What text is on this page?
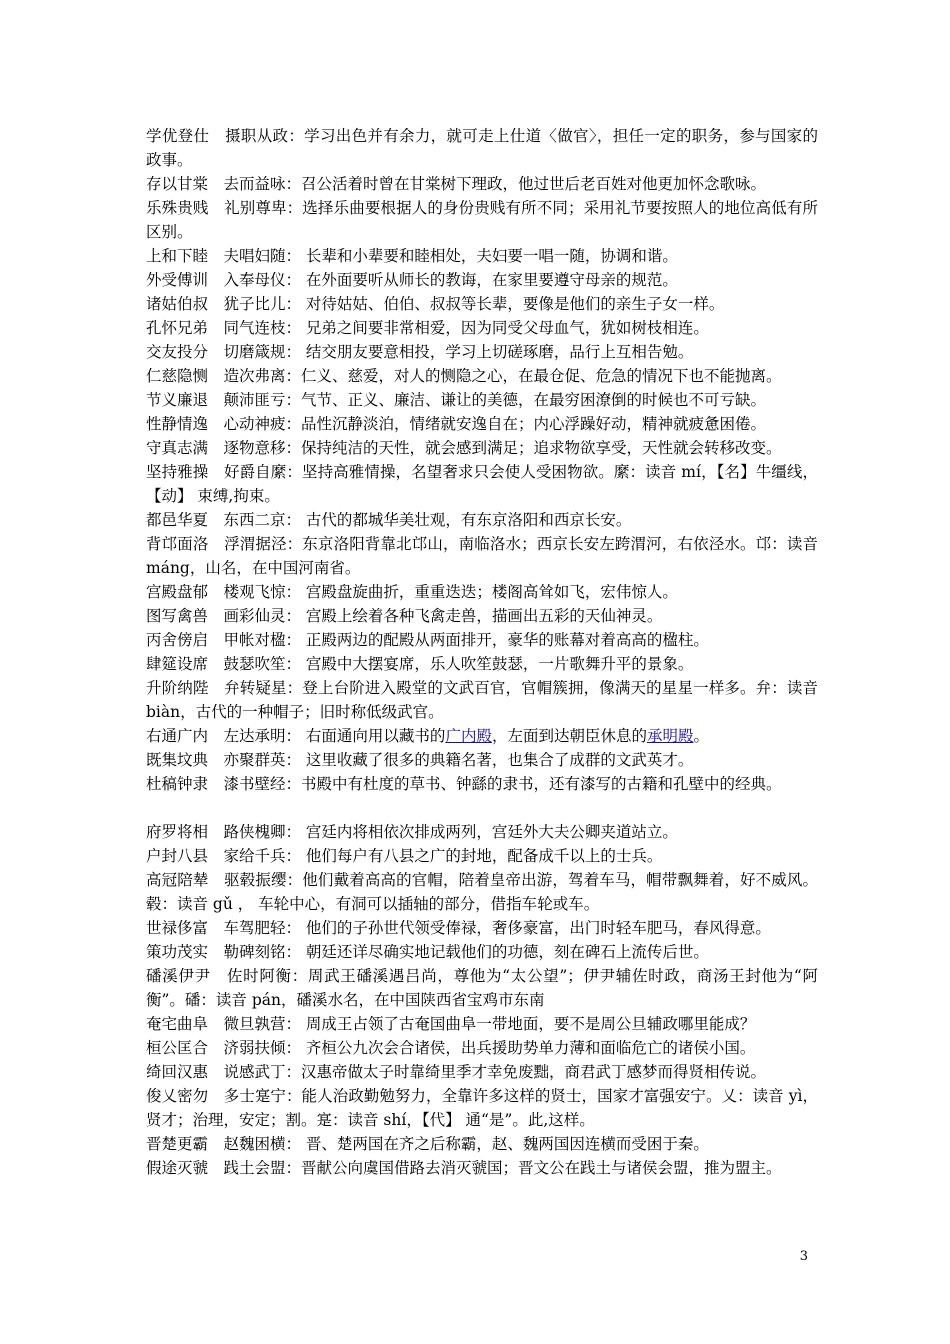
学优登仕　摄职从政：学习出色并有余力，就可走上仕道〈做官〉，担任一定的职务，参与国家的政事。

存以甘棠　去而益咏：召公活着时曾在甘棠树下理政，他过世后老百姓对他更加怀念歌咏。

乐殊贵贱　礼别尊卑：选择乐曲要根据人的身份贵贱有所不同；采用礼节要按照人的地位高低有所区别。

上和下睦　夫唱妇随： 长辈和小辈要和睦相处，夫妇要一唱一随，协调和谐。

外受傅训　入奉母仪： 在外面要听从师长的教诲，在家里要遵守母亲的规范。

诸姑伯叔　犹子比儿： 对待姑姑、伯伯、叔叔等长辈，要像是他们的亲生子女一样。

孔怀兄弟　同气连枝： 兄弟之间要非常相爱，因为同受父母血气，犹如树枝相连。

交友投分　切磨箴规： 结交朋友要意相投，学习上切磋琢磨，品行上互相告勉。

仁慈隐恻　造次弗离：仁义、慈爱，对人的恻隐之心，在最仓促、危急的情况下也不能抛离。

节义廉退　颠沛匪亏：气节、正义、廉洁、谦让的美德，在最穷困潦倒的时候也不可亏缺。

性静情逸　心动神疲：品性沉静淡泊，情绪就安逸自在；内心浮躁好动，精神就疲惫困倦。

守真志满　逐物意移：保持纯洁的天性，就会感到满足；追求物欲享受，天性就会转移改变。

坚持雅操　好爵自縻：坚持高雅情操，名望奢求只会使人受困物欲。縻：读音 mí，【名】牛缰线，【动】 束缚,拘束。

都邑华夏　东西二京： 古代的都城华美壮观，有东京洛阳和西京长安。

背邙面洛　浮渭据泾：东京洛阳背靠北邙山，南临洛水；西京长安左跨渭河，右依泾水。邙：读音 máng，山名，在中国河南省。

宫殿盘郁　楼观飞惊： 宫殿盘旋曲折，重重迭迭；楼阁高耸如飞，宏伟惊人。

图写禽兽　画彩仙灵： 宫殿上绘着各种飞禽走兽，描画出五彩的天仙神灵。

丙舍傍启　甲帐对楹： 正殿两边的配殿从两面排开，豪华的账幕对着高高的楹柱。

肆筵设席　鼓瑟吹笙： 宫殿中大摆宴席，乐人吹笙鼓瑟，一片歌舞升平的景象。

升阶纳陛　弁转疑星：登上台阶进入殿堂的文武百官，官帽簇拥，像满天的星星一样多。弁：读音 biàn，古代的一种帽子；旧时称低级武官。

右通广内　左达承明： 右面通向用以藏书的广内殿，左面到达朝臣休息的承明殿。

既集坟典　亦聚群英： 这里收藏了很多的典籍名著，也集合了成群的文武英才。

杜稿钟隶　漆书壁经：书殿中有杜度的草书、钟繇的隶书，还有漆写的古籍和孔壁中的经典。

府罗将相　路侠槐卿： 宫廷内将相依次排成两列，宫廷外大夫公卿夹道站立。

户封八县　家给千兵： 他们每户有八县之广的封地，配备成千以上的士兵。

高冠陪辇　驱毂振缨：他们戴着高高的官帽，陪着皇帝出游，驾着车马，帽带飘舞着，好不威风。毂：读音 gǔ ， 车轮中心，有洞可以插轴的部分，借指车轮或车。

世禄侈富　车驾肥轻： 他们的子孙世代领受俸禄，奢侈豪富，出门时轻车肥马，春风得意。

策功茂实　勒碑刻铭： 朝廷还详尽确实地记载他们的功德，刻在碑石上流传后世。

磻溪伊尹　佐时阿衡：周武王磻溪遇吕尚，尊他为“太公望”；伊尹辅佐时政，商汤王封他为“阿衡”。磻：读音 pán，磻溪水名，在中国陕西省宝鸡市东南

奄宅曲阜　微旦孰营： 周成王占领了古奄国曲阜一带地面，要不是周公旦辅政哪里能成？

桓公匡合　济弱扶倾： 齐桓公九次会合诸侯，出兵援助势单力薄和面临危亡的诸侯小国。

绮回汉惠　说感武丁：汉惠帝做太子时靠绮里季才幸免废黜，商君武丁感梦而得贤相传说。

俊乂密勿　多士寔宁：能人治政勤勉努力，全靠许多这样的贤士，国家才富强安宁。乂：读音 yì，贤才；治理，安定；割。寔：读音 shí，【代】 通“是”。此,这样。

晋楚更霸　赵魏困横： 晋、楚两国在齐之后称霸，赵、魏两国因连横而受困于秦。

假途灭虢　践土会盟：晋献公向虞国借路去消灭虢国；晋文公在践土与诸侯会盟，推为盟主。

3
